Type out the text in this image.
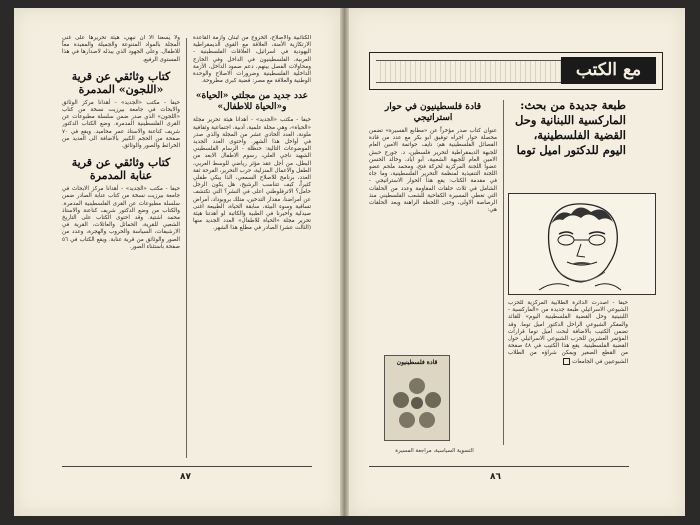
الكتائبية والاصلاح، الخروج من لبنان وأزمة القاعدة الارتكازية الأمنة، العلاقة مع القوى الديمقراطية اليهودية في اسرائيل، العلاقات الفلسطينية - العربية، الفلسطينيون في الداخل وفي الخارج ومحاولات الفصل بينهم، دعم صمود الداخل، الأزمة الداخلية الفلسطينية وضرورات الاصلاح والوحدة الوطنية والعلاقة مع مصر: قضية كبرى مطروحة.

عدد جديد من مجلتي «الحياة» و«الحياة للاطفال»

حيفا - مكتب «الجديد» - أهدانا هيئة تحرير مجلة «الحياة»، وهي مجلة علمية، أدبية، اجتماعية وثقافية ملونة، العدد الحادي عشر من المجلة والذي صدر في أواخل هذا الشهر. واحتوى العدد الجديد الموضوعات التالية: حنظلة - الرسام الفلسطيني الشهيد ناجي العلي، رسوم الاطفال الابعد من البطل، من أجل عقد مؤثر رياضي للوسط العربي، الطفل والاعمال المنزلية، حرب التحرير، الفرحة ثقة العدد، برنامج للاصلاح السمعي، الذا يبكي طفلي كثيراً، كيف تتناسب الرشيح، هل يكون الرجل حامل؟ الاترفلوطني اعلى في النشر؟ التي تكتشف عن أمراضنا، مقدار التدخين، متلك بروبوداد، أمراض تساقية وسوء البيئة، سابقة الحياة، الطبيعة اغنى صيدلية وأخيرنا في الطبية والكاتبة لو أهدتنا هيئة تحرير مجلة «الحياة للاطفال» العدد الجديد منها (الثالث عشر) الصادر في مطلع هذا الشهر.

ولا يسعنا الا ان نبهي، هيئة تحريرها على غنى المجلة بالمواد المتنوعة والجميلة والمفيدة معاً للاطفال. وعلى الجهود الذي يبذله لاصدارها في هذا المستوى الرفيع.

كتاب وثائقي عن قرية «اللجون» المدمرة

حيفا - مكتب «الجديد» - أهدانا مركز الوثائق والابحاث في جامعة بيرزيت نسخة من كتاب «اللجون» الذي صدر ضمن سلسلة مطبوعات عن القرى الفلسطينية المدمرة. وضع الكتاب الدكتور شريف كناعنة والاستاذ عمر محاميد. ويقع في ٧٠ صفحة من الحجم الكبير بالاضافة الى العديد من الخرائط والصور والوثائق.

كتاب وثائقي عن قرية عنابة المدمرة

حيفا - مكتب «الجديد» - أهدانا مركز الابحاث في جامعة بيرزيت نسخة من كتاب عنابة الصادر ضمن سلسلة مطبوعات عن القرى الفلسطينية المدمرة. والكتاب من وضع الدكتور شريف كناعنة والاستاذ محمد اشتية. وقد احتوى الكتاب على التاريخ الشعبي للقرية، الحمائل والعائلات، القرية في الارشيفات، السياسة والحروب والهجرة، وعدد من الصور والوثائق من قرية عنابة. ويقع الكتاب في ٥٦ صفحة باستثناء الصور.

٨٧
مع الكتب
طبعة جديدة من بحث: الماركسية اللبنانية وحل القضية الفلسطينية، اليوم للدكتور اميل توما

حيفا - أصدرت الدائرة الطلابية المركزية للحزب الشيوعي الاسرائيلي طبعة جديدة من «الماركسية - اللبنينية وحل القضية الفلسطينية اليوم» للقائد والمفكر الشيوعي الراحل الدكتور اميل توما. وقد تضمن الكتيب بالاضافة لبحث اميل توما قرارات المؤتمر العشرين للحزب الشيوعي الاسرائيلي حول القضية الفلسطينية. يقع هذا الكتيب في ٤٨ صفحة من القطع الصغير ويمكن شراؤه من الطلاب الشيوعيين في الجامعات

قادة فلسطينيون في حوار استراتيجي

عنوان كتاب صدر مؤخراً عن «مطابع القسيرة» تضمن محصلة حوار اجراه توفيق ابو بكر مع عدد من قادة الفصائل الفلسطينية هم: نايف حواتمة الامين العام للجبهة الديمقراطية لتحرير فلسطين، د. جورج حبش الامين العام للجبهة الشعبية، أبو اياد، وخالد الحسن عضوا اللجنة المركزية لحركة فتح، ومحمد ملحم عضو اللجنة التنفيذية لمنظمة التحرير الفلسطينية، وما جاء في مقدمة الكتاب: يقع هذا الحوار الاستراتيجي - الشامل في ثلاث حلقات المقاومة وعدد من الحلقات التي تغطي المسيرة الكفاحية للشعب الفلسطيني منذ الرصاصة الاولى، وحتى اللحظة الراهنة وبعد الحلقات هي:

قادة فلسطينيون
التسوية السياسية، مراجعة المسيرة
٨٦
